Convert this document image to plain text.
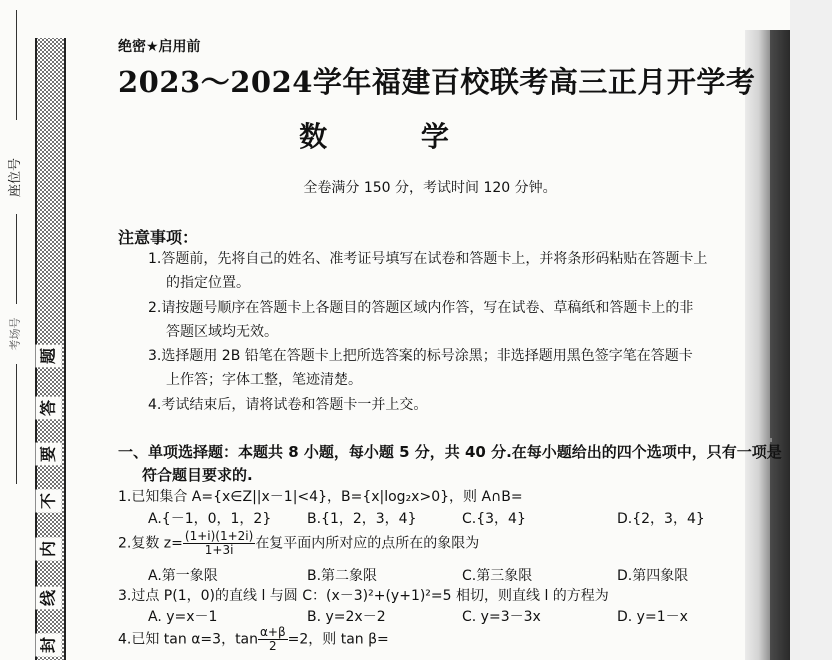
座位号
考场号
题
答
要
不
内
线
封
绝密★启用前
2023～2024学年福建百校联考高三正月开学考
数 学
全卷满分 150 分，考试时间 120 分钟。
注意事项：
1.答题前，先将自己的姓名、准考证号填写在试卷和答题卡上，并将条形码粘贴在答题卡上
的指定位置。
2.请按题号顺序在答题卡上各题目的答题区域内作答，写在试卷、草稿纸和答题卡上的非
答题区域均无效。
3.选择题用 2B 铅笔在答题卡上把所选答案的标号涂黑；非选择题用黑色签字笔在答题卡
上作答；字体工整，笔迹清楚。
4.考试结束后，请将试卷和答题卡一并上交。
一、单项选择题：本题共 8 小题，每小题 5 分，共 40 分.在每小题给出的四个选项中，只有一项是
符合题目要求的.
1.已知集合 A={x∈Z||x－1|<4}，B={x|log₂x>0}，则 A∩B=
A.{－1，0，1，2}	B.{1，2，3，4}	C.{3，4}	D.{2，3，4}
2.复数 $z= \frac{(1+i)(1+2i)}{1+3i}$ 在复平面内所对应的点所在的象限为
A.第一象限	B.第二象限	C.第三象限	D.第四象限
3.过点 P(1，0)的直线 l 与圆 C：(x－3)²+(y+1)²=5 相切，则直线 l 的方程为
A. y=x－1	B. y=2x－2	C. y=3－3x	D. y=1－x
4.已知 tan α=3，$\tan \frac{\alpha+\beta}{2} =2$，则 tan β=
